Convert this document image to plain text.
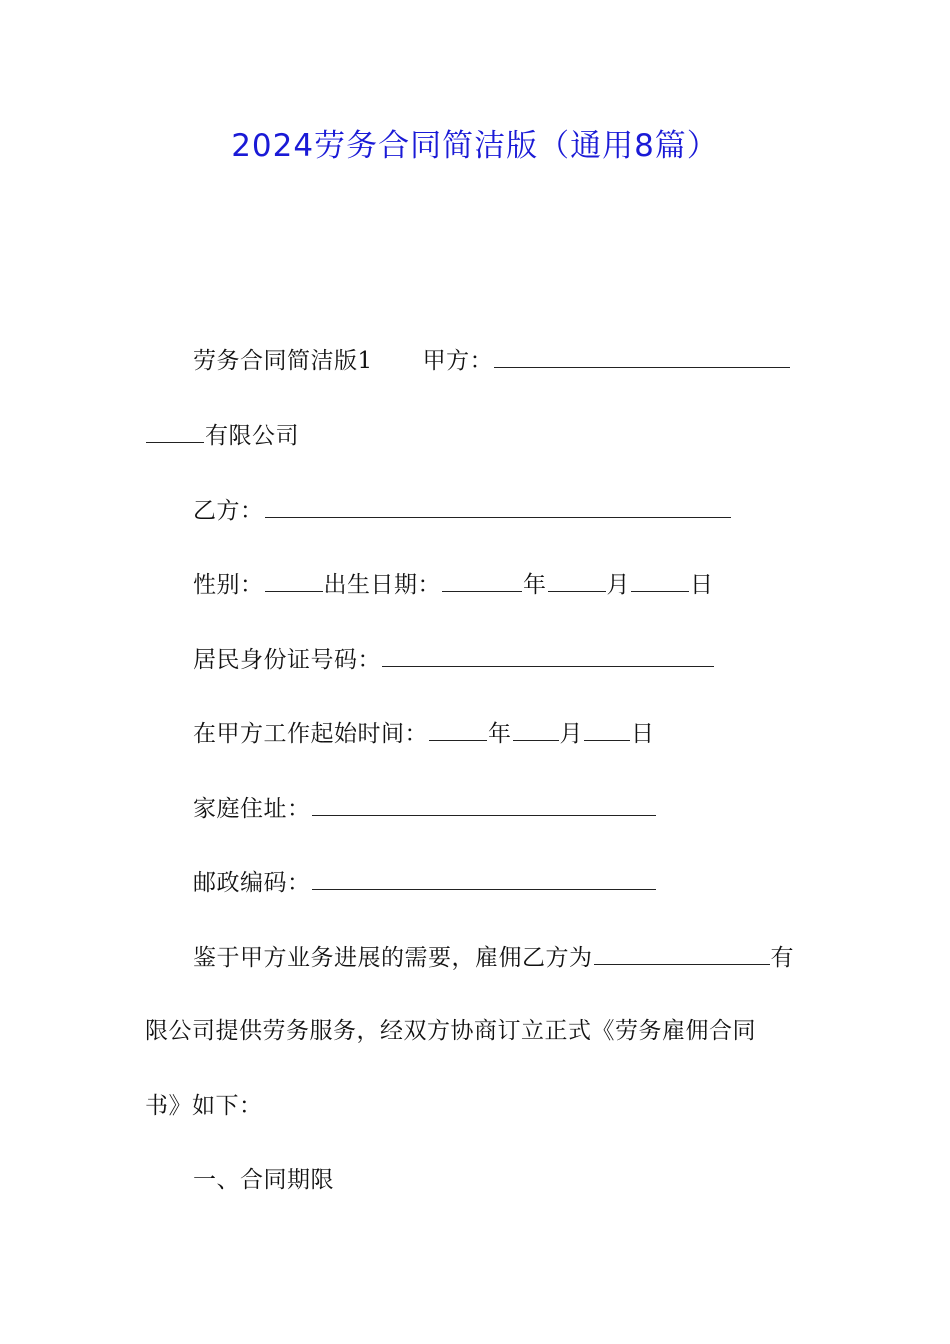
2024劳务合同简洁版（通用8篇）
劳务合同简洁版1 甲方：
有限公司
乙方：
性别：	出生日期：	年	月	日
居民身份证号码：
在甲方工作起始时间：	年 月 日
家庭住址：
邮政编码：
鉴于甲方业务进展的需要，雇佣乙方为	有
限公司提供劳务服务，经双方协商订立正式《劳务雇佣合同
书》如下：
一、合同期限
